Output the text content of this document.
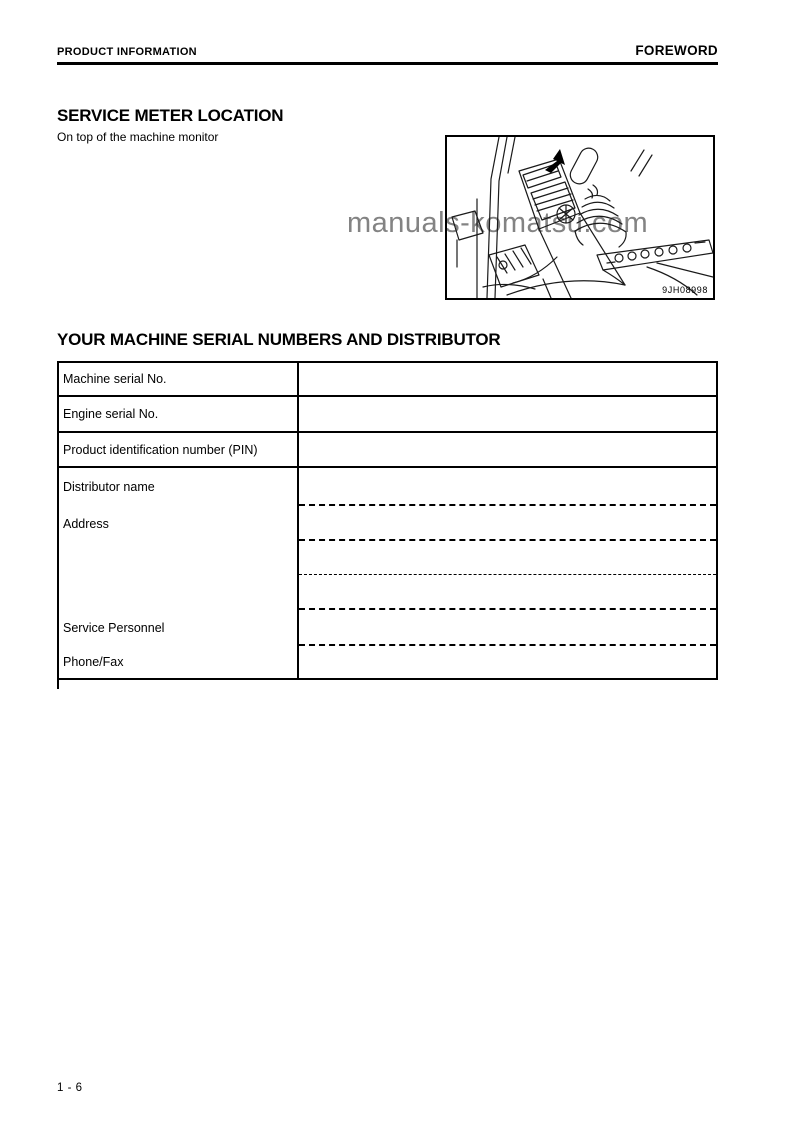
PRODUCT INFORMATION	FOREWORD
SERVICE METER LOCATION
On top of the machine monitor
manuals-komatsu.com
9JH08998
YOUR MACHINE SERIAL NUMBERS AND DISTRIBUTOR
Machine serial No.
Engine serial No.
Product identification number (PIN)
Distributor name
Address
Service Personnel
Phone/Fax
1 - 6
